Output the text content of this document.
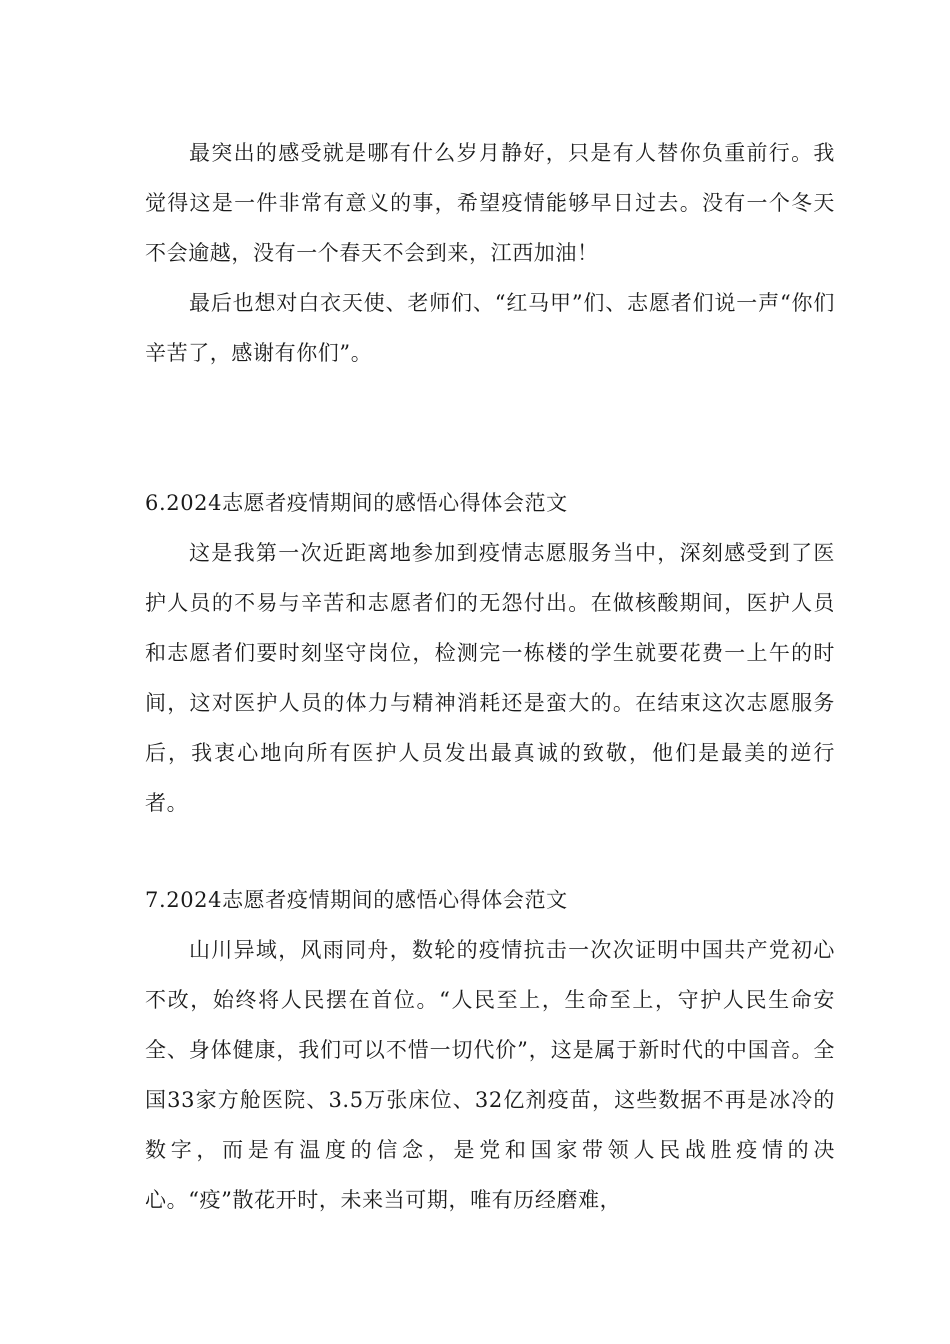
最突出的感受就是哪有什么岁月静好，只是有人替你负重前行。我觉得这是一件非常有意义的事，希望疫情能够早日过去。没有一个冬天不会逾越，没有一个春天不会到来，江西加油！

最后也想对白衣天使、老师们、“红马甲”们、志愿者们说一声“你们辛苦了，感谢有你们”。

6.2024志愿者疫情期间的感悟心得体会范文

这是我第一次近距离地参加到疫情志愿服务当中，深刻感受到了医护人员的不易与辛苦和志愿者们的无怨付出。在做核酸期间，医护人员和志愿者们要时刻坚守岗位，检测完一栋楼的学生就要花费一上午的时间，这对医护人员的体力与精神消耗还是蛮大的。在结束这次志愿服务后，我衷心地向所有医护人员发出最真诚的致敬，他们是最美的逆行者。

7.2024志愿者疫情期间的感悟心得体会范文

山川异域，风雨同舟，数轮的疫情抗击一次次证明中国共产党初心不改，始终将人民摆在首位。“人民至上，生命至上，守护人民生命安全、身体健康，我们可以不惜一切代价”，这是属于新时代的中国音。全国33家方舱医院、3.5万张床位、32亿剂疫苗，这些数据不再是冰冷的数字，而是有温度的信念，是党和国家带领人民战胜疫情的决心。“疫”散花开时，未来当可期，唯有历经磨难，
